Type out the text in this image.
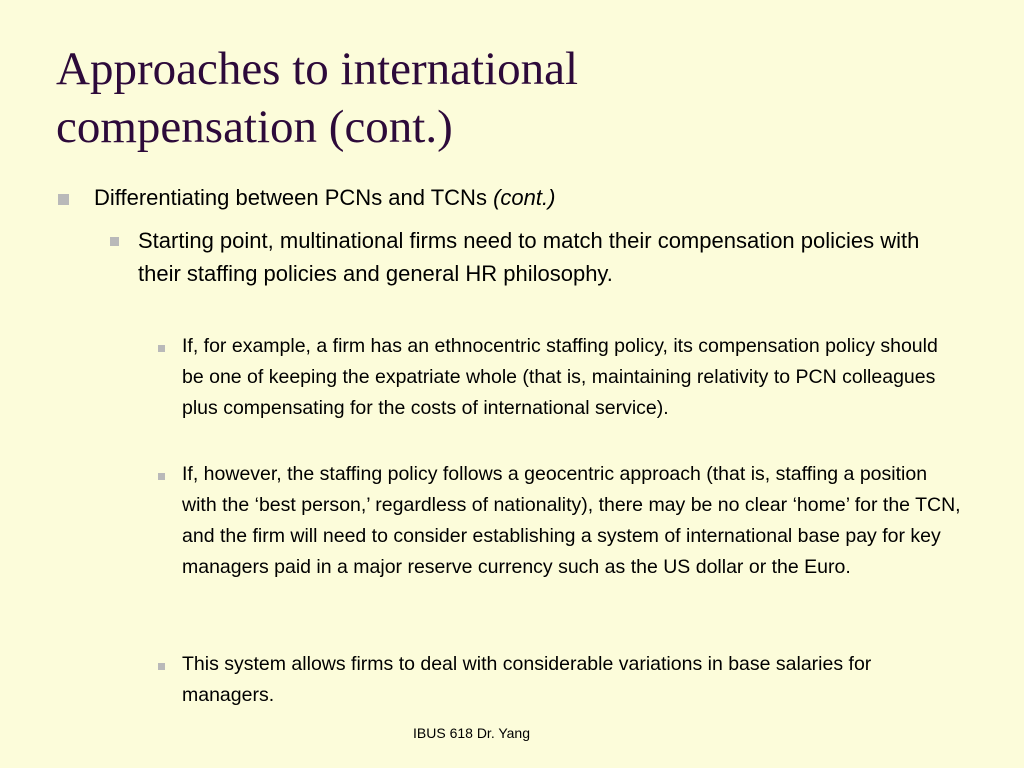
Approaches to international
compensation (cont.)

Differentiating between PCNs and TCNs (cont.)

Starting point, multinational firms need to match their compensation policies with their staffing policies and general HR philosophy.

If, for example, a firm has an ethnocentric staffing policy, its compensation policy should be one of keeping the expatriate whole (that is, maintaining relativity to PCN colleagues plus compensating for the costs of international service).

If, however, the staffing policy follows a geocentric approach (that is, staffing a position with the ‘best person,’ regardless of nationality), there may be no clear ‘home’ for the TCN, and the firm will need to consider establishing a system of international base pay for key managers paid in a major reserve currency such as the US dollar or the Euro.

This system allows firms to deal with considerable variations in base salaries for managers.

IBUS 618 Dr. Yang
